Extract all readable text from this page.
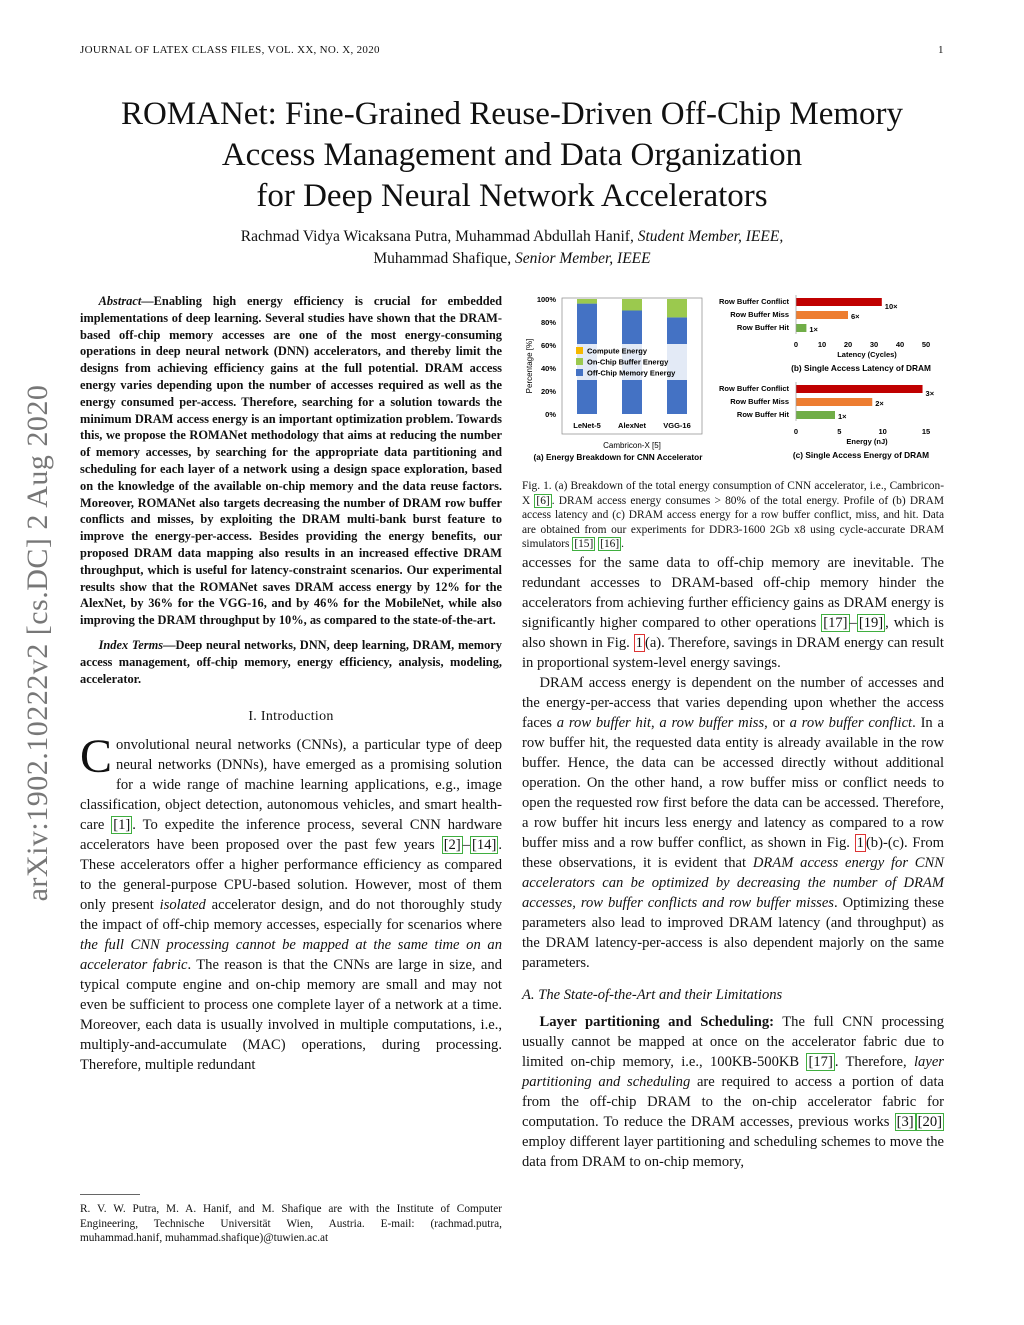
JOURNAL OF LATEX CLASS FILES, VOL. XX, NO. X, 2020	1
arXiv:1902.10222v2 [cs.DC] 2 Aug 2020
ROMANet: Fine-Grained Reuse-Driven Off-Chip Memory
Access Management and Data Organization
for Deep Neural Network Accelerators
Rachmad Vidya Wicaksana Putra, Muhammad Abdullah Hanif, Student Member, IEEE,
Muhammad Shafique, Senior Member, IEEE

Abstract—Enabling high energy efficiency is crucial for embedded implementations of deep learning. Several studies have shown that the DRAM-based off-chip memory accesses are one of the most energy-consuming operations in deep neural network (DNN) accelerators, and thereby limit the designs from achieving efficiency gains at the full potential. DRAM access energy varies depending upon the number of accesses required as well as the energy consumed per-access. Therefore, searching for a solution towards the minimum DRAM access energy is an important optimization problem. Towards this, we propose the ROMANet methodology that aims at reducing the number of memory accesses, by searching for the appropriate data partitioning and scheduling for each layer of a network using a design space exploration, based on the knowledge of the available on-chip memory and the data reuse factors. Moreover, ROMANet also targets decreasing the number of DRAM row buffer conflicts and misses, by exploiting the DRAM multi-bank burst feature to improve the energy-per-access. Besides providing the energy benefits, our proposed DRAM data mapping also results in an increased effective DRAM throughput, which is useful for latency-constraint scenarios. Our experimental results show that the ROMANet saves DRAM access energy by 12% for the AlexNet, by 36% for the VGG-16, and by 46% for the MobileNet, while also improving the DRAM throughput by 10%, as compared to the state-of-the-art.

Index Terms—Deep neural networks, DNN, deep learning, DRAM, memory access management, off-chip memory, energy efficiency, analysis, modeling, accelerator.

I. Introduction

Convolutional neural networks (CNNs), a particular type of deep neural networks (DNNs), have emerged as a promising solution for a wide range of machine learning applications, e.g., image classification, object detection, autonomous vehicles, and smart health-care [1] . To expedite the inference process, several CNN hardware accelerators have been proposed over the past few years [2] – [14] . These accelerators offer a higher performance efficiency as compared to the general-purpose CPU-based solution. However, most of them only present isolated accelerator design, and do not thoroughly study the impact of off-chip memory accesses, especially for scenarios where the full CNN processing cannot be mapped at the same time on an accelerator fabric. The reason is that the CNNs are large in size, and typical compute engine and on-chip memory are small and may not even be sufficient to process one complete layer of a network at a time. Moreover, each data is usually involved in multiple computations, i.e., multiply-and-accumulate (MAC) operations, during processing. Therefore, multiple redundant

R. V. W. Putra, M. A. Hanif, and M. Shafique are with the Institute of Computer Engineering, Technische Universität Wien, Austria. E-mail: (rachmad.putra, muhammad.hanif, muhammad.shafique)@tuwien.ac.at
Percentage [%]
100%
80%
60%
40%
20%
0%
LeNet-5 AlexNet VGG-16
Compute Energy
On-Chip Buffer Energy
Off-Chip Memory Energy
Cambricon-X [5]
(a) Energy Breakdown for CNN Accelerator
Row Buffer Conflict
10×
Row Buffer Miss	6×
Row Buffer Hit	1×
0	10 20 30 40 50
Latency (Cycles)
(b) Single Access Latency of DRAM
Row Buffer Conflict
3×
Row Buffer Miss	2×
Row Buffer Hit	1×
0	5	10	15
Energy (nJ)
(c) Single Access Energy of DRAM
Fig. 1. (a) Breakdown of the total energy consumption of CNN accelerator, i.e., Cambricon-X [6] . DRAM access energy consumes > 80% of the total energy. Profile of (b) DRAM access latency and (c) DRAM access energy for a row buffer conflict, miss, and hit. Data are obtained from our experiments for DDR3-1600 2Gb x8 using cycle-accurate DRAM simulators [15] [16] .

accesses for the same data to off-chip memory are inevitable. The redundant accesses to DRAM-based off-chip memory hinder the accelerators from achieving further efficiency gains as DRAM energy is significantly higher compared to other operations [17] – [19] , which is also shown in Fig. 1 (a). Therefore, savings in DRAM energy can result in proportional system-level energy savings.

DRAM access energy is dependent on the number of accesses and the energy-per-access that varies depending upon whether the access faces a row buffer hit, a row buffer miss, or a row buffer conflict. In a row buffer hit, the requested data entity is already available in the row buffer. Hence, the data can be accessed directly without additional operation. On the other hand, a row buffer miss or conflict needs to open the requested row first before the data can be accessed. Therefore, a row buffer hit incurs less energy and latency as compared to a row buffer miss and a row buffer conflict, as shown in Fig. 1 (b)-(c). From these observations, it is evident that DRAM access energy for CNN accelerators can be optimized by decreasing the number of DRAM accesses, row buffer conflicts and row buffer misses. Optimizing these parameters also lead to improved DRAM latency (and throughput) as the DRAM latency-per-access is also dependent majorly on the same parameters.

A. The State-of-the-Art and their Limitations

Layer partitioning and Scheduling: The full CNN processing usually cannot be mapped at once on the accelerator fabric due to limited on-chip memory, i.e., 100KB-500KB [17] . Therefore, layer partitioning and scheduling are required to access a portion of data from the off-chip DRAM to the on-chip accelerator fabric for computation. To reduce the DRAM accesses, previous works [3] [20] employ different layer partitioning and scheduling schemes to move the data from DRAM to on-chip memory,
